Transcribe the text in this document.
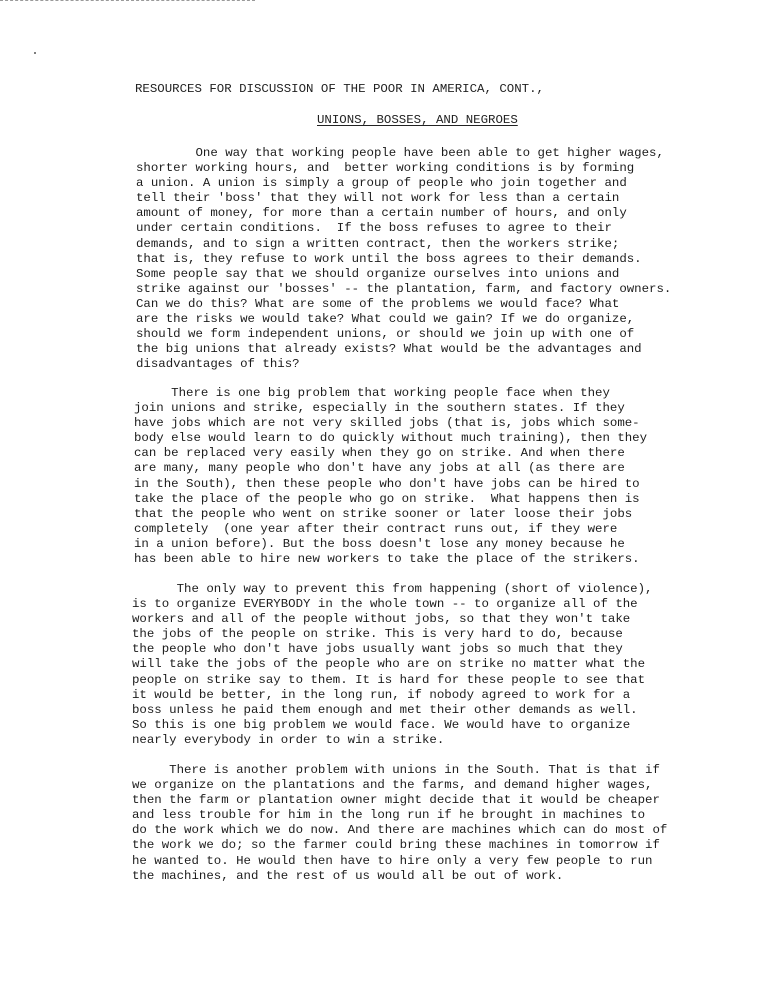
RESOURCES FOR DISCUSSION OF THE POOR IN AMERICA, CONT.,
UNIONS, BOSSES, AND NEGROES

One way that working people have been able to get higher wages,
shorter working hours, and  better working conditions is by forming
a union. A union is simply a group of people who join together and
tell their 'boss' that they will not work for less than a certain
amount of money, for more than a certain number of hours, and only
under certain conditions.  If the boss refuses to agree to their
demands, and to sign a written contract, then the workers strike;
that is, they refuse to work until the boss agrees to their demands.
Some people say that we should organize ourselves into unions and
strike against our 'bosses' -- the plantation, farm, and factory owners.
Can we do this? What are some of the problems we would face? What
are the risks we would take? What could we gain? If we do organize,
should we form independent unions, or should we join up with one of
the big unions that already exists? What would be the advantages and
disadvantages of this?

There is one big problem that working people face when they
join unions and strike, especially in the southern states. If they
have jobs which are not very skilled jobs (that is, jobs which some-
body else would learn to do quickly without much training), then they
can be replaced very easily when they go on strike. And when there
are many, many people who don't have any jobs at all (as there are
in the South), then these people who don't have jobs can be hired to
take the place of the people who go on strike.  What happens then is
that the people who went on strike sooner or later loose their jobs
completely  (one year after their contract runs out, if they were
in a union before). But the boss doesn't lose any money because he
has been able to hire new workers to take the place of the strikers.

The only way to prevent this from happening (short of violence),
is to organize EVERYBODY in the whole town -- to organize all of the
workers and all of the people without jobs, so that they won't take
the jobs of the people on strike. This is very hard to do, because
the people who don't have jobs usually want jobs so much that they
will take the jobs of the people who are on strike no matter what the
people on strike say to them. It is hard for these people to see that
it would be better, in the long run, if nobody agreed to work for a
boss unless he paid them enough and met their other demands as well.
So this is one big problem we would face. We would have to organize
nearly everybody in order to win a strike.

There is another problem with unions in the South. That is that if
we organize on the plantations and the farms, and demand higher wages,
then the farm or plantation owner might decide that it would be cheaper
and less trouble for him in the long run if he brought in machines to
do the work which we do now. And there are machines which can do most of
the work we do; so the farmer could bring these machines in tomorrow if
he wanted to. He would then have to hire only a very few people to run
the machines, and the rest of us would all be out of work.
